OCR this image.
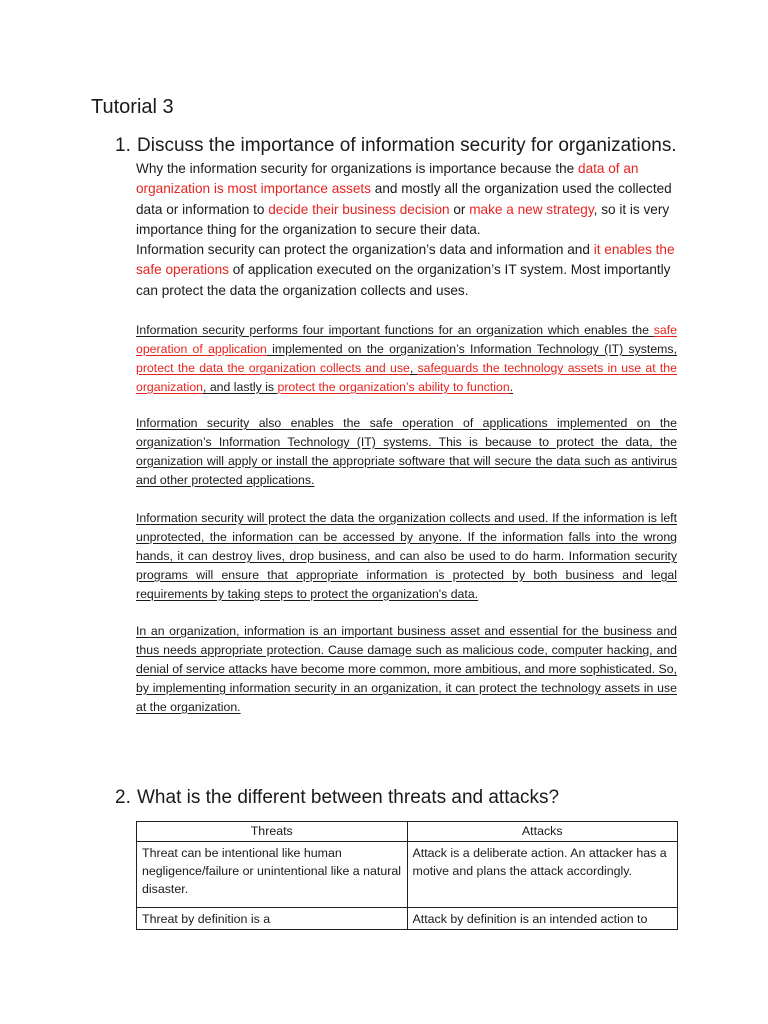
Tutorial 3
1. Discuss the importance of information security for organizations.

Why the information security for organizations is importance because the data of an organization is most importance assets and mostly all the organization used the collected data or information to decide their business decision or make a new strategy, so it is very importance thing for the organization to secure their data.

Information security can protect the organization’s data and information and it enables the safe operations of application executed on the organization’s IT system. Most importantly can protect the data the organization collects and uses.

Information security performs four important functions for an organization which enables the safe operation of application implemented on the organization’s Information Technology (IT) systems, protect the data the organization collects and use, safeguards the technology assets in use at the organization, and lastly is protect the organization’s ability to function.

Information security also enables the safe operation of applications implemented on the organization’s Information Technology (IT) systems. This is because to protect the data, the organization will apply or install the appropriate software that will secure the data such as antivirus and other protected applications.

Information security will protect the data the organization collects and used. If the information is left unprotected, the information can be accessed by anyone. If the information falls into the wrong hands, it can destroy lives, drop business, and can also be used to do harm. Information security programs will ensure that appropriate information is protected by both business and legal requirements by taking steps to protect the organization's data.

In an organization, information is an important business asset and essential for the business and thus needs appropriate protection. Cause damage such as malicious code, computer hacking, and denial of service attacks have become more common, more ambitious, and more sophisticated. So, by implementing information security in an organization, it can protect the technology assets in use at the organization.

2. What is the different between threats and attacks?
Threats	Attacks
Threat can be intentional like human negligence/failure or unintentional like a natural disaster.	Attack is a deliberate action. An attacker has a motive and plans the attack accordingly.
Threat by definition is a	Attack by definition is an intended action to
